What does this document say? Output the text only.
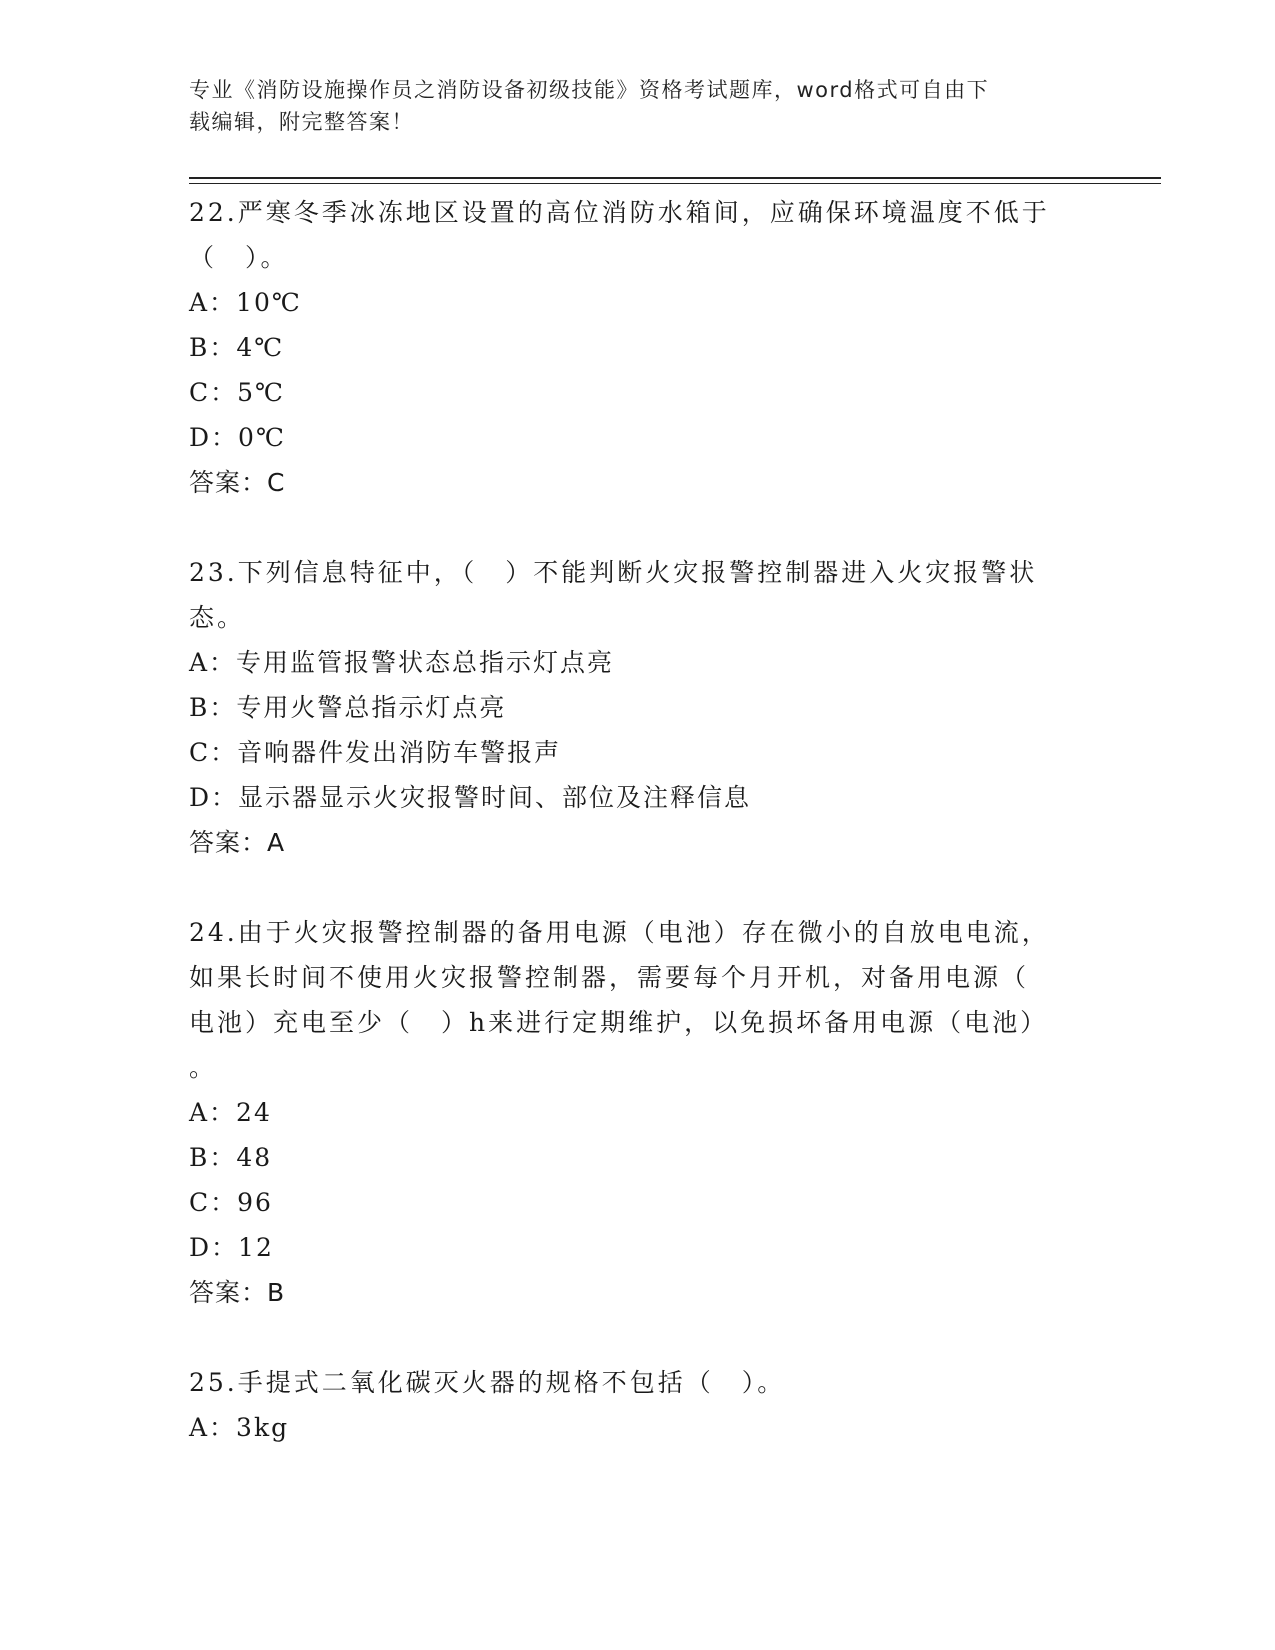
专业《消防设施操作员之消防设备初级技能》资格考试题库，word格式可自由下
载编辑，附完整答案！

22.严寒冬季冰冻地区设置的高位消防水箱间，应确保环境温度不低于
（　）。

A：10℃

B：4℃

C：5℃

D：0℃

答案：C

23.下列信息特征中，（　）不能判断火灾报警控制器进入火灾报警状
态。

A：专用监管报警状态总指示灯点亮

B：专用火警总指示灯点亮

C：音响器件发出消防车警报声

D：显示器显示火灾报警时间、部位及注释信息

答案：A

24.由于火灾报警控制器的备用电源（电池）存在微小的自放电电流，
如果长时间不使用火灾报警控制器，需要每个月开机，对备用电源（
电池）充电至少（　）h来进行定期维护，以免损坏备用电源（电池）
。

A：24

B：48

C：96

D：12

答案：B

25.手提式二氧化碳灭火器的规格不包括（　）。

A：3kg
